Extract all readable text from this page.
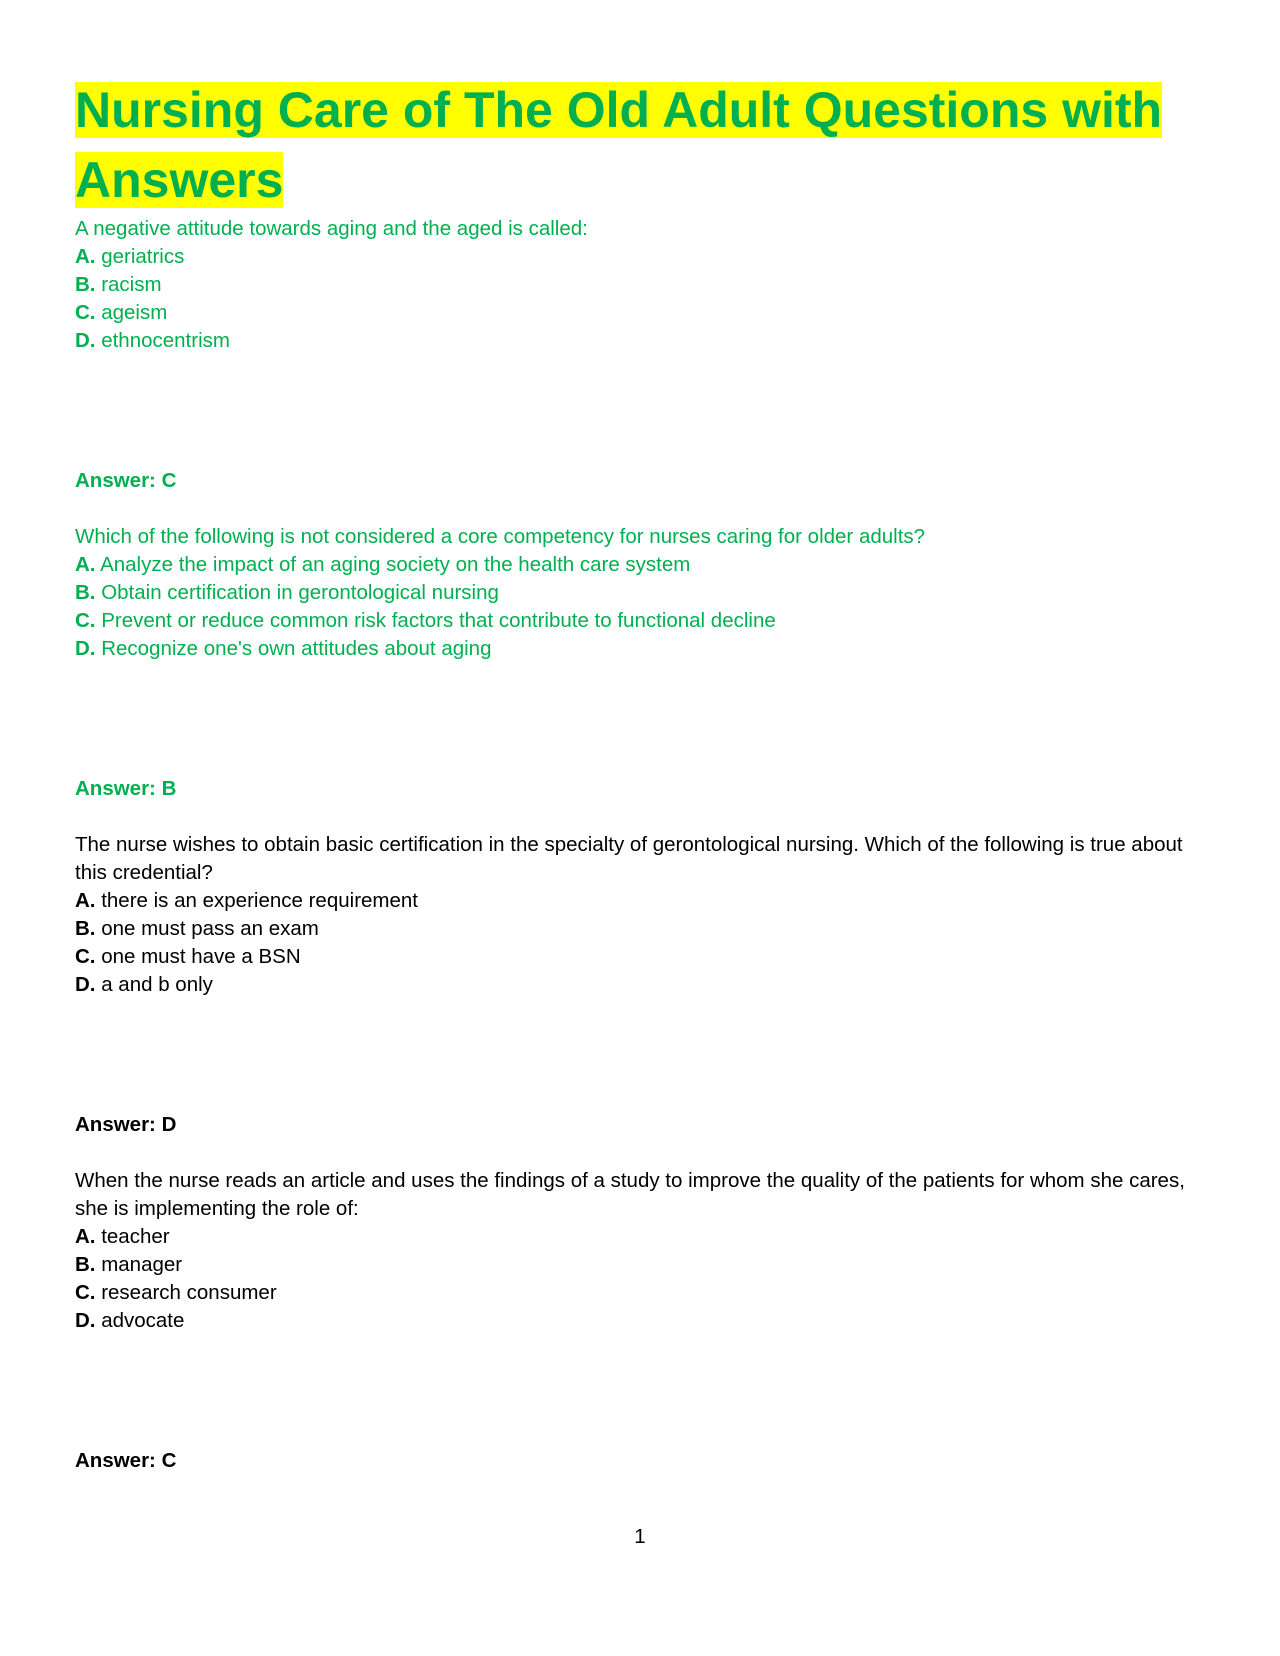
Nursing Care of The Old Adult Questions with Answers

A negative attitude towards aging and the aged is called:

A. geriatrics
B. racism
C. ageism
D. ethnocentrism

Answer: C

Which of the following is not considered a core competency for nurses caring for older adults?

A. Analyze the impact of an aging society on the health care system
B. Obtain certification in gerontological nursing
C. Prevent or reduce common risk factors that contribute to functional decline
D. Recognize one's own attitudes about aging

Answer: B

The nurse wishes to obtain basic certification in the specialty of gerontological nursing. Which of the following is true about this credential?

A. there is an experience requirement
B. one must pass an exam
C. one must have a BSN
D. a and b only

Answer: D

When the nurse reads an article and uses the findings of a study to improve the quality of the patients for whom she cares, she is implementing the role of:

A. teacher
B. manager
C. research consumer
D. advocate

Answer: C

1
